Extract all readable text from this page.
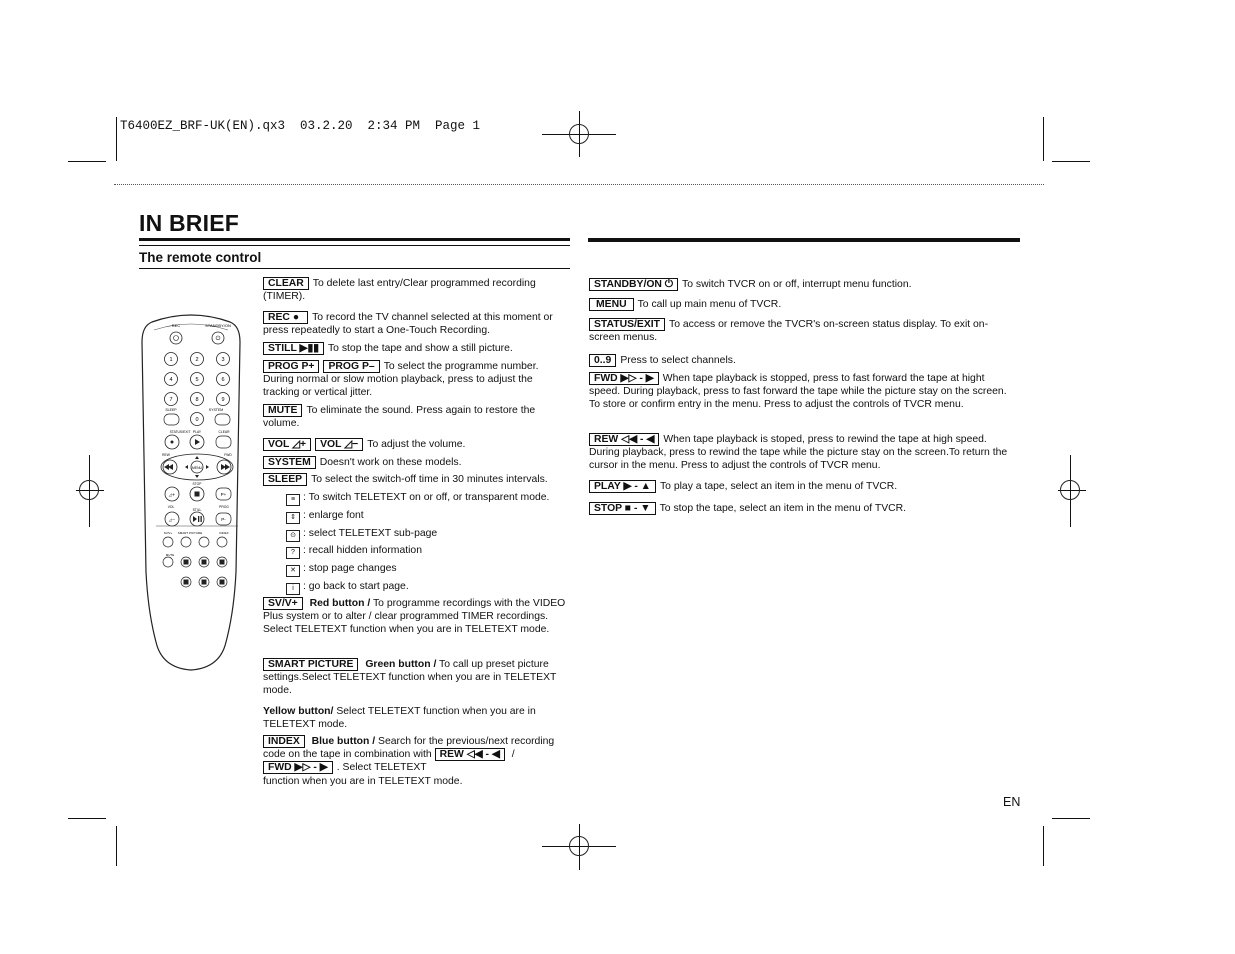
T6400EZ_BRF-UK(EN).qx3  03.2.20  2:34 PM  Page 1
IN BRIEF
The remote control
REC	STANDBY/ON
⏻
1	2	3
4	5	6
7	8	9
0
SLEEP	SYSTEM
STATUS/EXIT PLAY	CLEAR
REW	FWD
MENU
STOP
◿+	P+
VOL
STILL
PROG
◿−	P-
SV/V+ SMART PICTURE	INDEX
MUTE
CLEAR To delete last entry/Clear programmed recording (TIMER).
REC ● To record the TV channel selected at this moment or press repeatedly to start a One-Touch Recording.
STILL ▶▮▮ To stop the tape and show a still picture.
PROG P+ PROG P– To select the programme number. During normal or slow motion playback, press to adjust the tracking or vertical jitter.
MUTE To eliminate the sound. Press again to restore the volume.
VOL ◿+ VOL ◿− To adjust the volume.
SYSTEM Doesn't work on these models.
SLEEP To select the switch-off time in 30 minutes intervals.
≡ : To switch TELETEXT on or off, or transparent mode.
⇕ : enlarge font
⊙ : select TELETEXT sub-page
? : recall hidden information
✕ : stop page changes
i : go back to start page.
SV/V+ Red button / To programme recordings with the VIDEO Plus system or to alter / clear programmed TIMER recordings. Select TELETEXT function when you are in TELETEXT mode.
SMART PICTURE Green button / To call up preset picture settings.Select TELETEXT function when you are in TELETEXT mode.
Yellow button/ Select TELETEXT function when you are in TELETEXT mode.
INDEX Blue button / Search for the previous/next recording code on the tape in combination with REW ◁◀ - ◀ /
FWD ▶▷ - ▶ . Select TELETEXT
function when you are in TELETEXT mode.
STANDBY/ON ⏻ To switch TVCR on or off, interrupt menu function.
MENU To call up main menu of TVCR.
STATUS/EXIT To access or remove the TVCR's on-screen status display. To exit on-screen menus.
0..9 Press to select channels.
FWD ▶▷ - ▶ When tape playback is stopped, press to fast forward the tape at hight speed. During playback, press to fast forward the tape while the picture stay on the screen. To store or confirm entry in the menu. Press to adjust the controls of TVCR menu.
REW ◁◀ - ◀ When tape playback is stoped, press to rewind the tape at high speed. During playback, press to rewind the tape while the picture stay on the screen.To return the cursor in the menu. Press to adjust the controls of TVCR menu.
PLAY ▶ - ▲ To play a tape, select an item in the menu of TVCR.
STOP ■ - ▼ To stop the tape, select an item in the menu of TVCR.
EN
